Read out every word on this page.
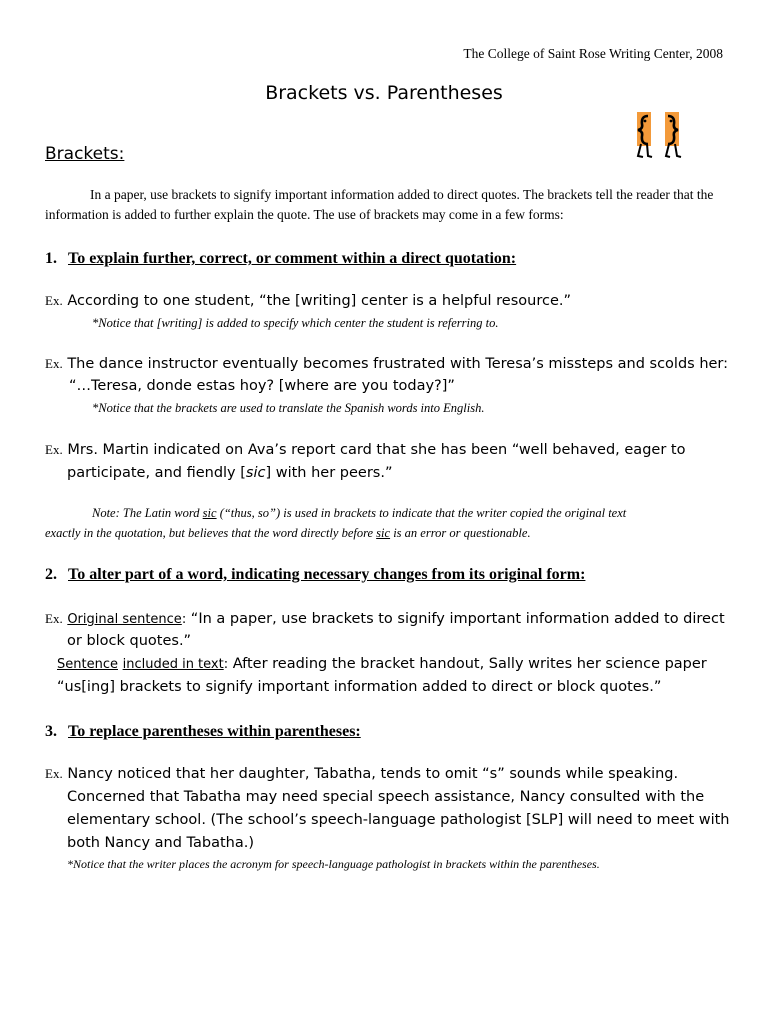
The College of Saint Rose Writing Center, 2008
Brackets vs. Parentheses
Brackets:
In a paper, use brackets to signify important information added to direct quotes. The brackets tell the reader that the information is added to further explain the quote. The use of brackets may come in a few forms:
1. To explain further, correct, or comment within a direct quotation:
Ex. According to one student, “the [writing] center is a helpful resource.”
*Notice that [writing] is added to specify which center the student is referring to.
Ex. The dance instructor eventually becomes frustrated with Teresa’s missteps and scolds her:
“…Teresa, donde estas hoy? [where are you today?]”
*Notice that the brackets are used to translate the Spanish words into English.
Ex. Mrs. Martin indicated on Ava’s report card that she has been “well behaved, eager to
participate, and fiendly [sic] with her peers.”
Note: The Latin word sic (“thus, so”) is used in brackets to indicate that the writer copied the original text
exactly in the quotation, but believes that the word directly before sic is an error or questionable.
2. To alter part of a word, indicating necessary changes from its original form:
Ex. Original sentence: “In a paper, use brackets to signify important information added to direct
or block quotes.”
Sentence included in text: After reading the bracket handout, Sally writes her science paper
“us[ing] brackets to signify important information added to direct or block quotes.”
3. To replace parentheses within parentheses:
Ex. Nancy noticed that her daughter, Tabatha, tends to omit “s” sounds while speaking.
Concerned that Tabatha may need special speech assistance, Nancy consulted with the
elementary school. (The school’s speech-language pathologist [SLP] will need to meet with
both Nancy and Tabatha.)
*Notice that the writer places the acronym for speech-language pathologist in brackets within the parentheses.
